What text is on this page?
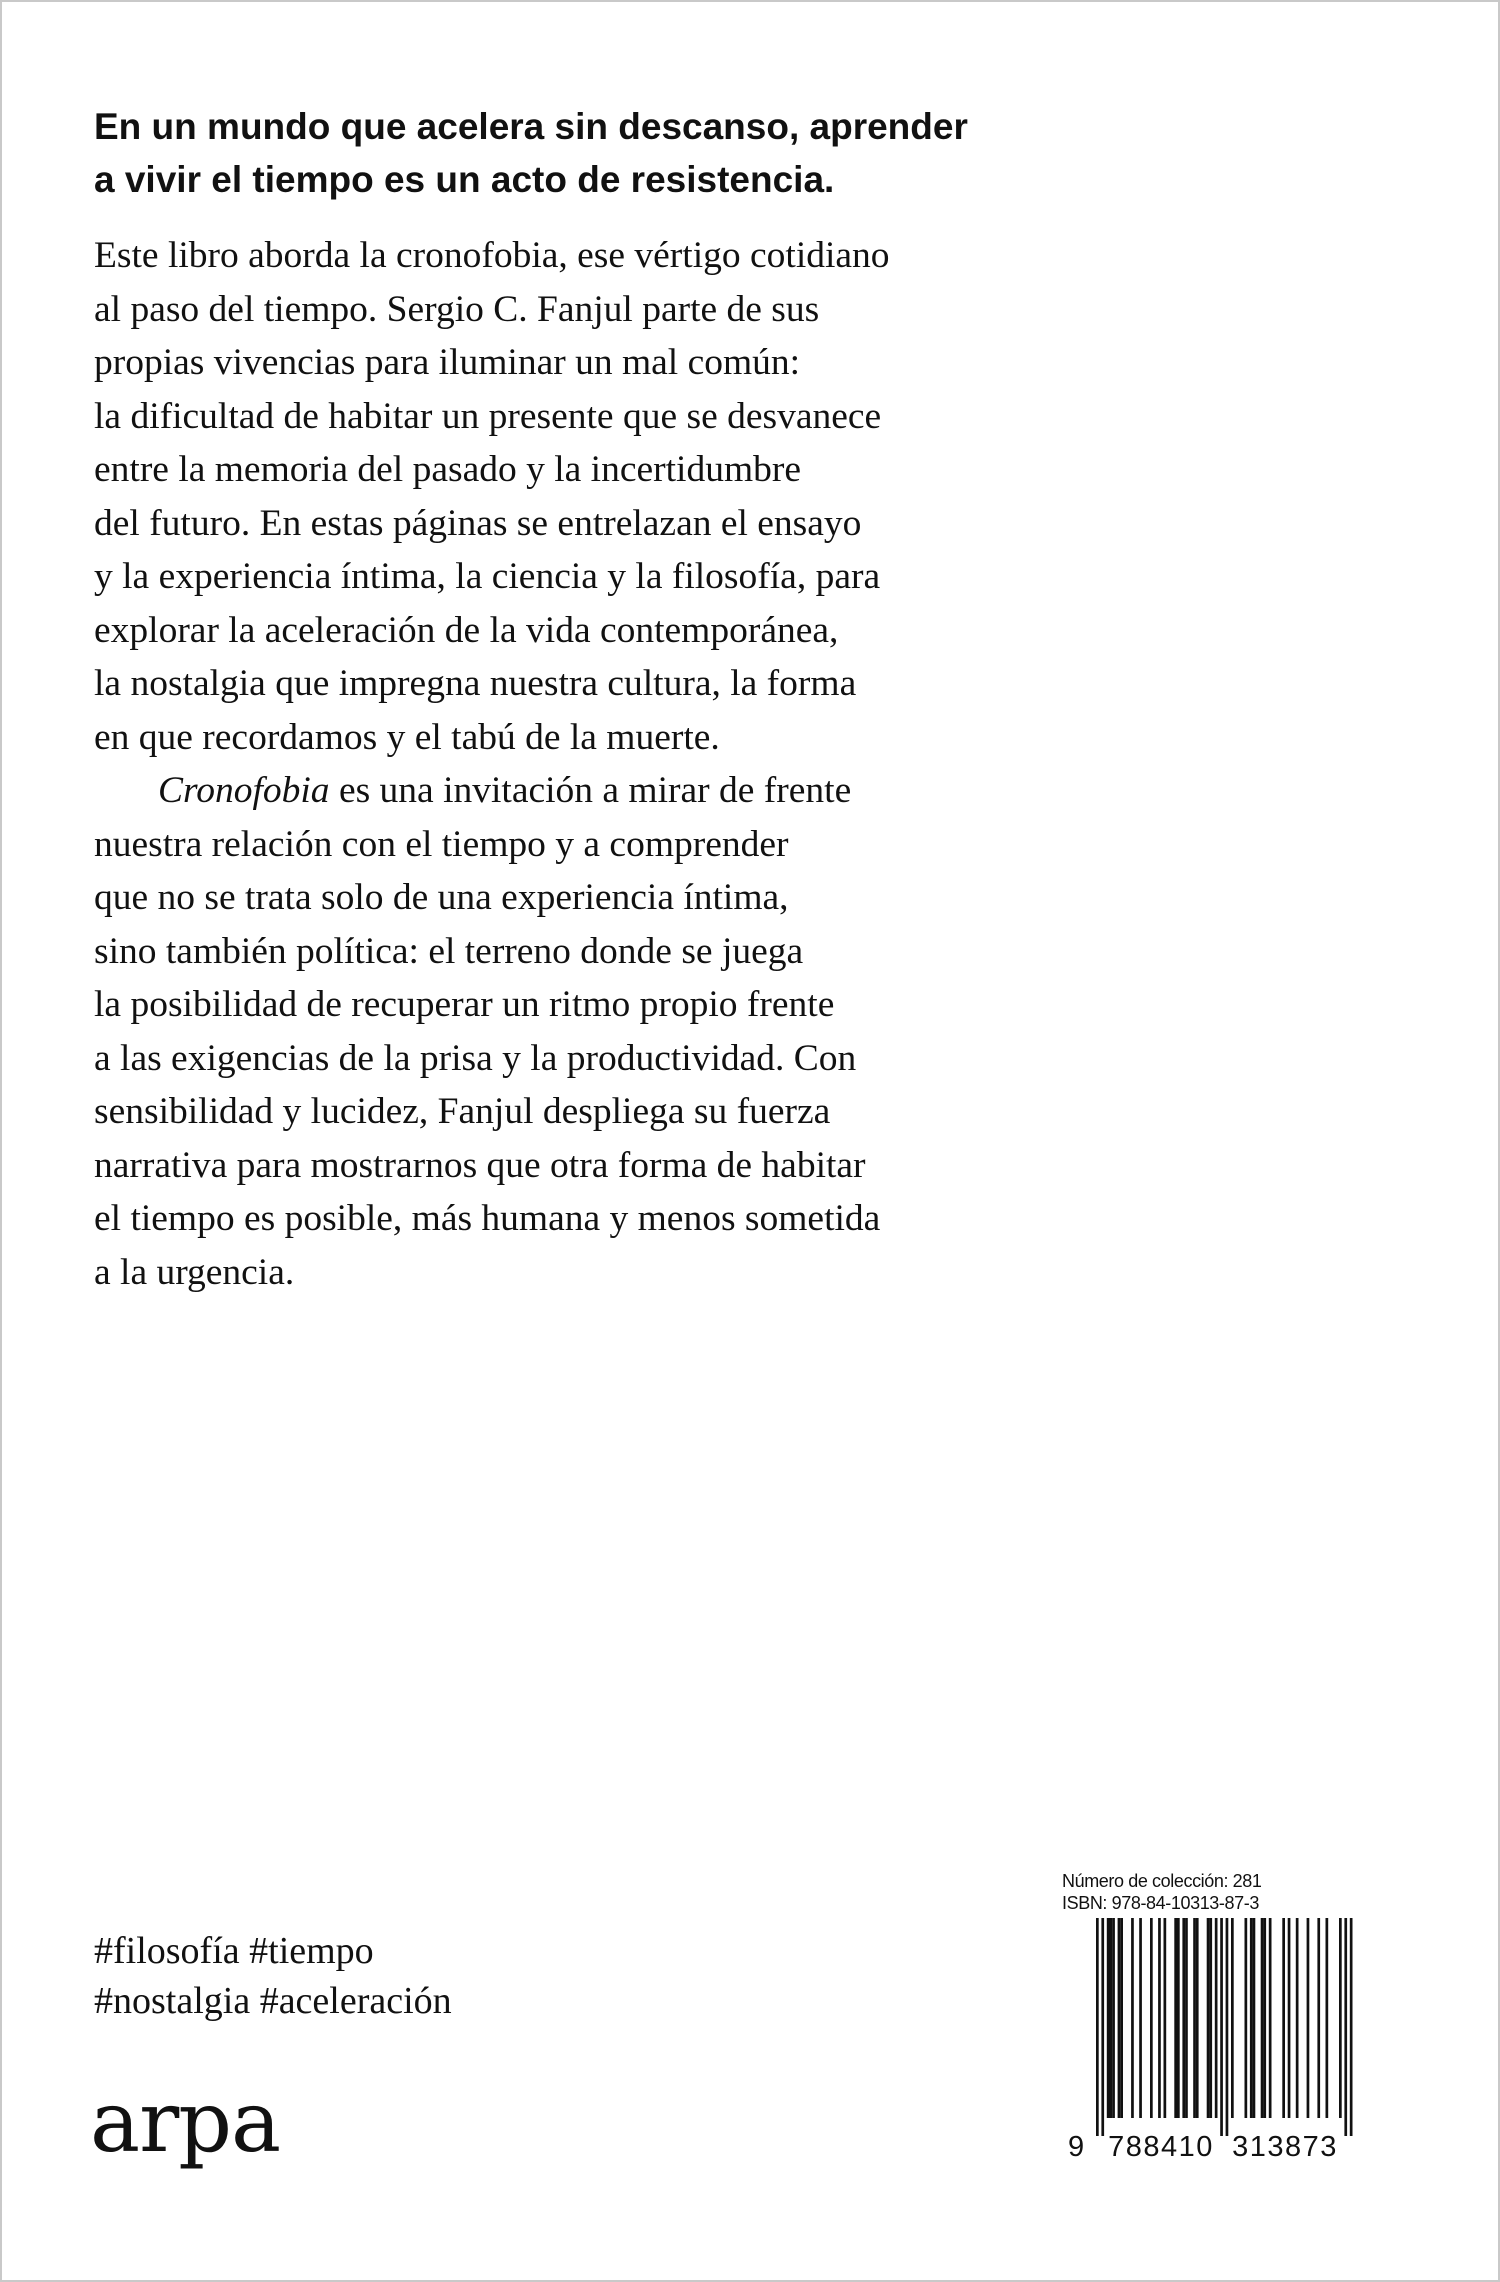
En un mundo que acelera sin descanso, aprender
a vivir el tiempo es un acto de resistencia.
Este libro aborda la cronofobia, ese vértigo cotidiano
al paso del tiempo. Sergio C. Fanjul parte de sus
propias vivencias para iluminar un mal común:
la dificultad de habitar un presente que se desvanece
entre la memoria del pasado y la incertidumbre
del futuro. En estas páginas se entrelazan el ensayo
y la experiencia íntima, la ciencia y la filosofía, para
explorar la aceleración de la vida contemporánea,
la nostalgia que impregna nuestra cultura, la forma
en que recordamos y el tabú de la muerte.
Cronofobia es una invitación a mirar de frente
nuestra relación con el tiempo y a comprender
que no se trata solo de una experiencia íntima,
sino también política: el terreno donde se juega
la posibilidad de recuperar un ritmo propio frente
a las exigencias de la prisa y la productividad. Con
sensibilidad y lucidez, Fanjul despliega su fuerza
narrativa para mostrarnos que otra forma de habitar
el tiempo es posible, más humana y menos sometida
a la urgencia.
#filosofía #tiempo
#nostalgia #aceleración
arpa
Número de colección: 281
ISBN: 978-84-10313-87-3
9 788410 313873
